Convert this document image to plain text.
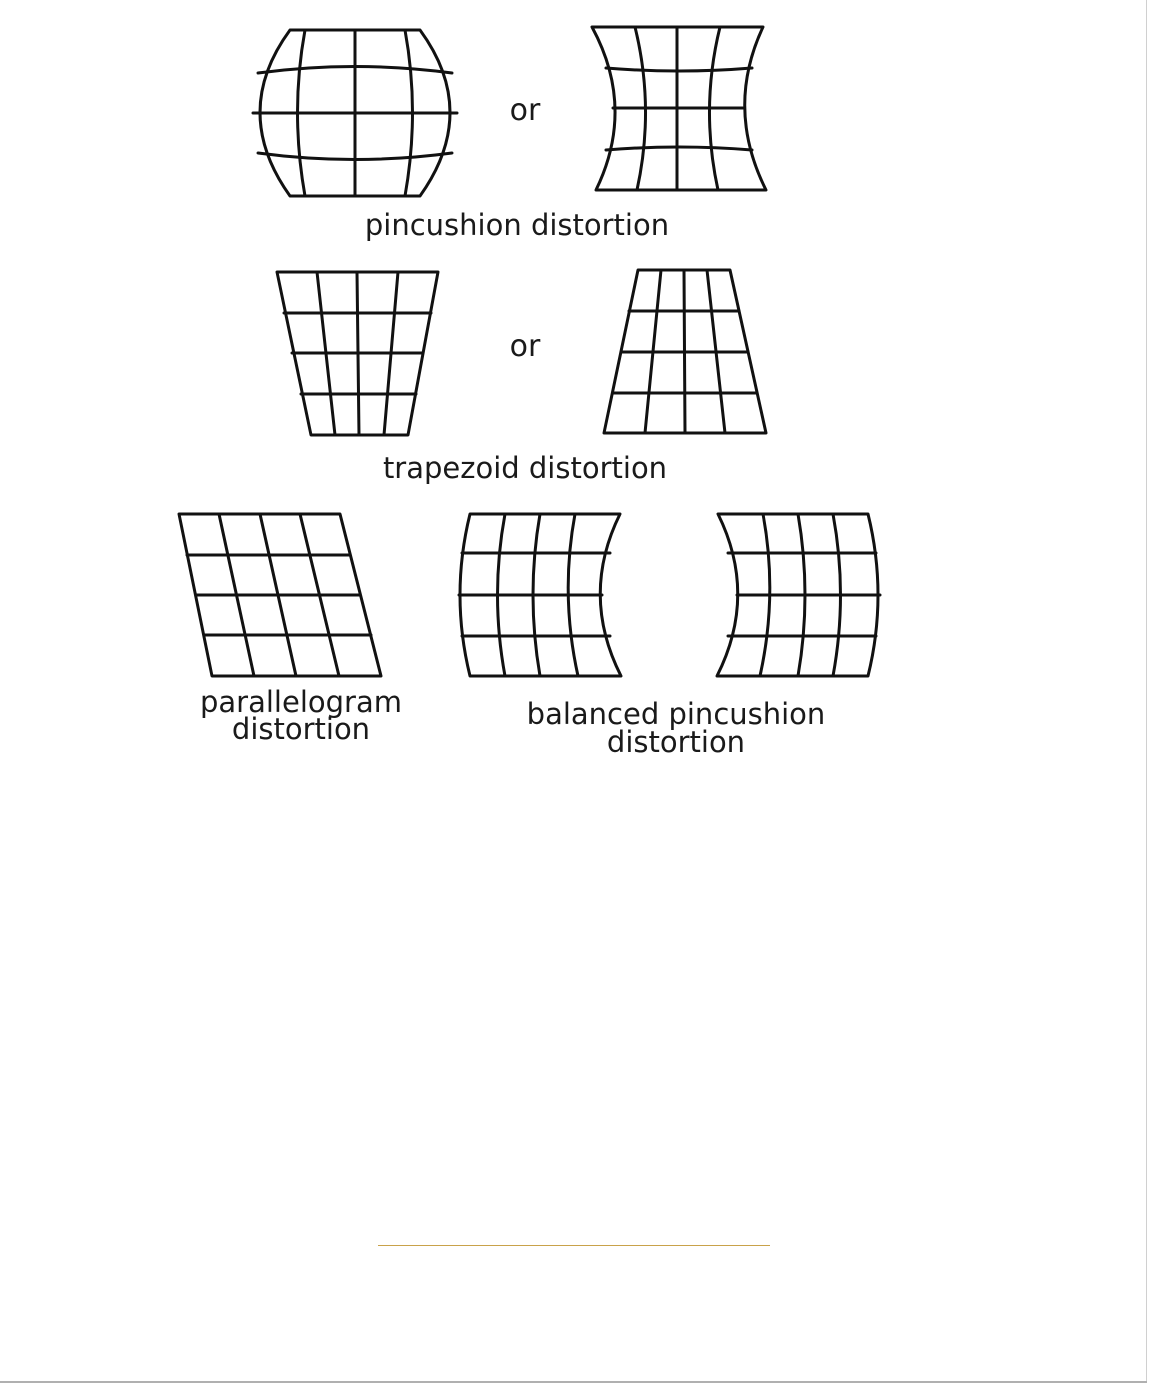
or
pincushion distortion
or
trapezoid distortion
parallelogram
distortion	balanced pincushion
distortion
